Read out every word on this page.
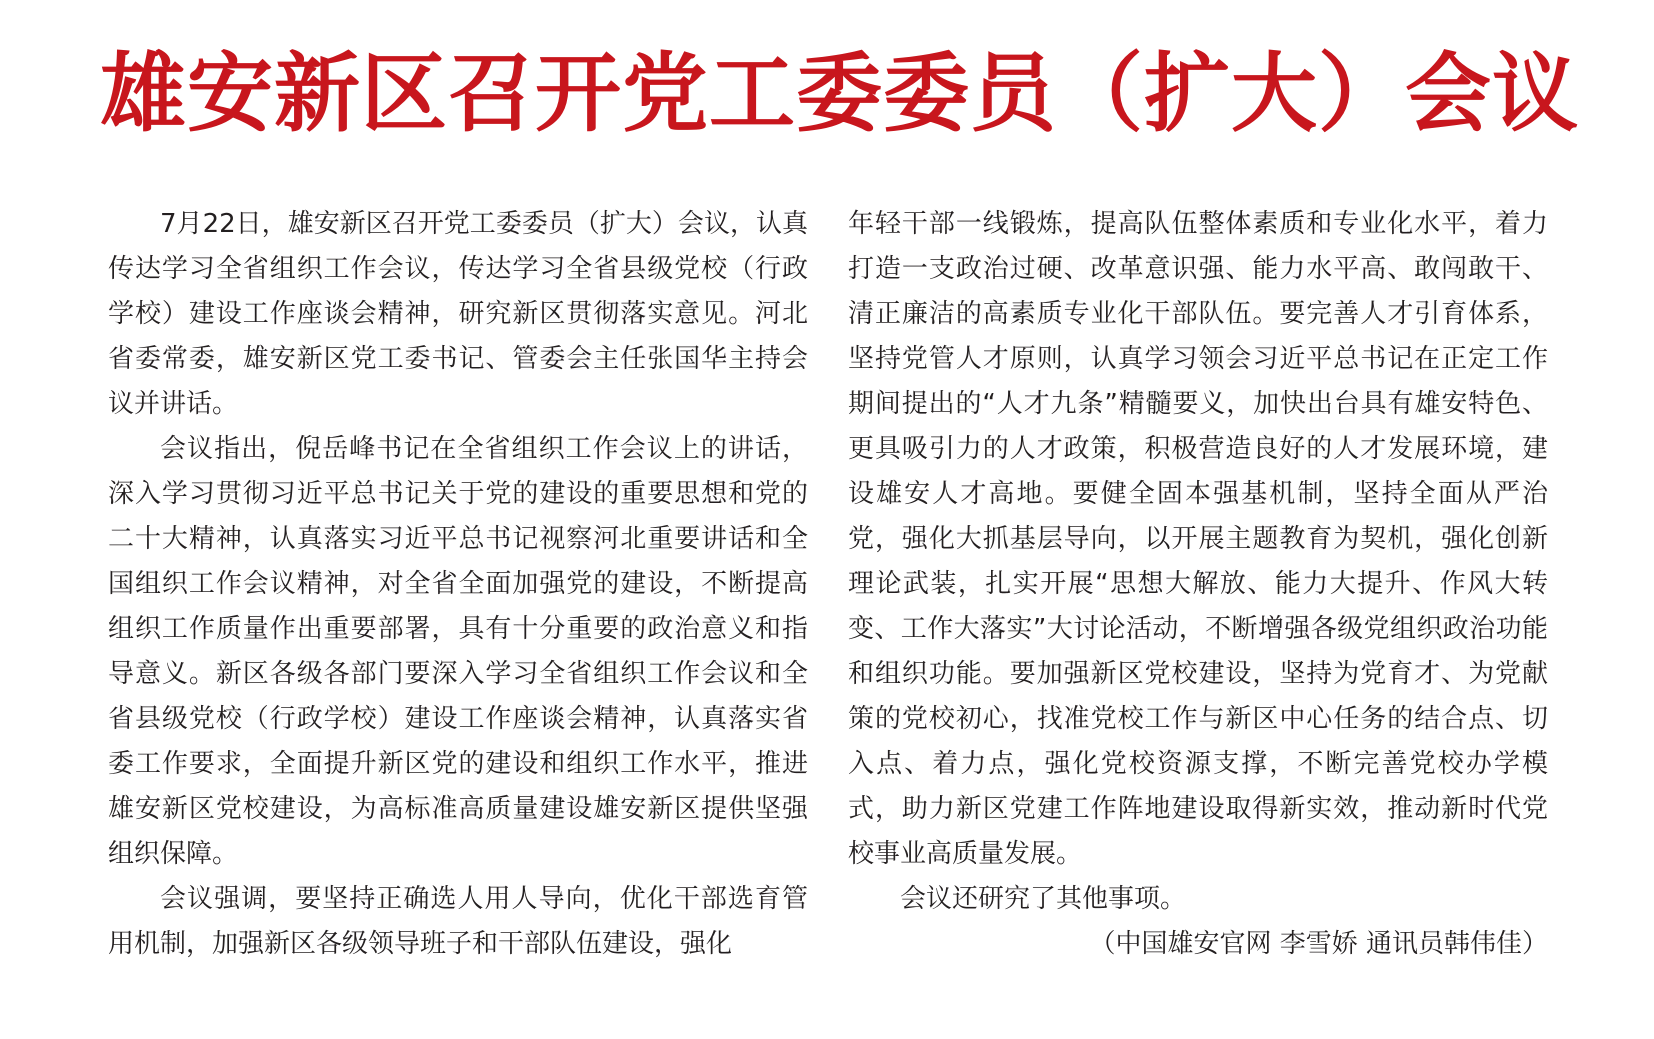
雄安新区召开党工委委员（扩大）会议

7月22日，雄安新区召开党工委委员（扩大）会议，认真传达学习全省组织工作会议，传达学习全省县级党校（行政学校）建设工作座谈会精神，研究新区贯彻落实意见。河北省委常委，雄安新区党工委书记、管委会主任张国华主持会议并讲话。

会议指出，倪岳峰书记在全省组织工作会议上的讲话，深入学习贯彻习近平总书记关于党的建设的重要思想和党的二十大精神，认真落实习近平总书记视察河北重要讲话和全国组织工作会议精神，对全省全面加强党的建设，不断提高组织工作质量作出重要部署，具有十分重要的政治意义和指导意义。新区各级各部门要深入学习全省组织工作会议和全省县级党校（行政学校）建设工作座谈会精神，认真落实省委工作要求，全面提升新区党的建设和组织工作水平，推进雄安新区党校建设，为高标准高质量建设雄安新区提供坚强组织保障。

会议强调，要坚持正确选人用人导向，优化干部选育管用机制，加强新区各级领导班子和干部队伍建设，强化

年轻干部一线锻炼，提高队伍整体素质和专业化水平，着力打造一支政治过硬、改革意识强、能力水平高、敢闯敢干、清正廉洁的高素质专业化干部队伍。要完善人才引育体系，坚持党管人才原则，认真学习领会习近平总书记在正定工作期间提出的“人才九条”精髓要义，加快出台具有雄安特色、更具吸引力的人才政策，积极营造良好的人才发展环境，建设雄安人才高地。要健全固本强基机制，坚持全面从严治党，强化大抓基层导向，以开展主题教育为契机，强化创新理论武装，扎实开展“思想大解放、能力大提升、作风大转变、工作大落实”大讨论活动，不断增强各级党组织政治功能和组织功能。要加强新区党校建设，坚持为党育才、为党献策的党校初心，找准党校工作与新区中心任务的结合点、切入点、着力点，强化党校资源支撑，不断完善党校办学模式，助力新区党建工作阵地建设取得新实效，推动新时代党校事业高质量发展。

会议还研究了其他事项。

（中国雄安官网 李雪娇 通讯员韩伟佳）
